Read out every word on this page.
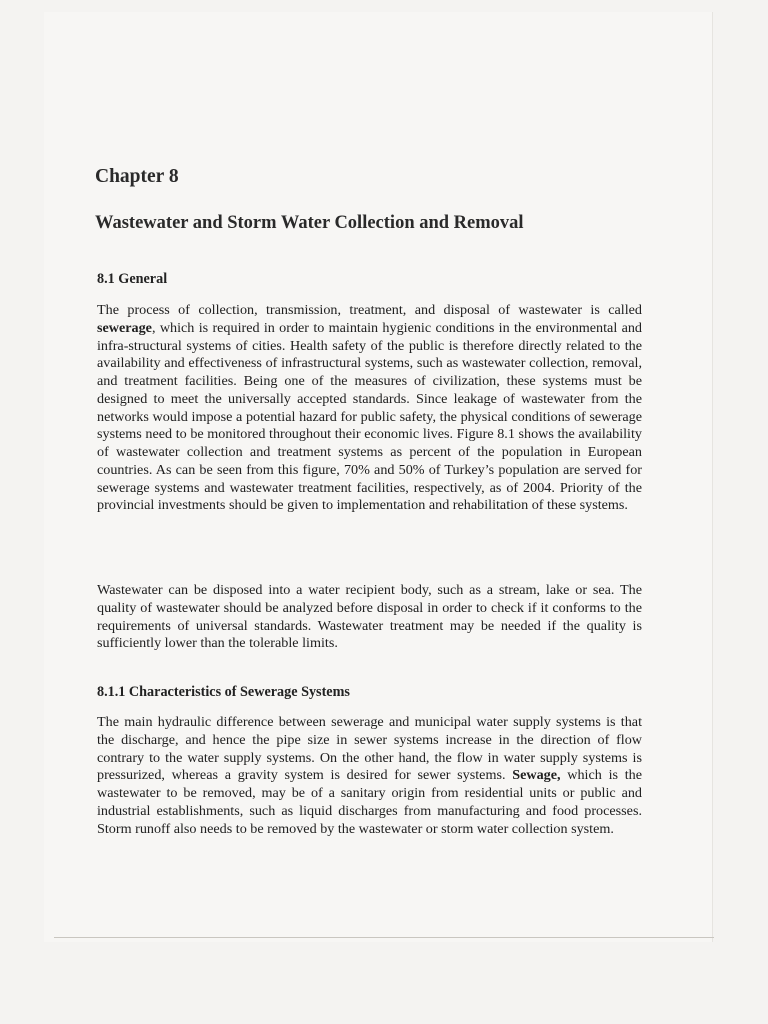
Chapter 8
Wastewater and Storm Water Collection and Removal
8.1 General

The process of collection, transmission, treatment, and disposal of wastewater is called sewerage, which is required in order to maintain hygienic conditions in the environmental and infra-structural systems of cities. Health safety of the public is therefore directly related to the availability and effectiveness of infrastructural systems, such as wastewater collection, removal, and treatment facilities. Being one of the measures of civilization, these systems must be designed to meet the universally accepted standards. Since leakage of wastewater from the networks would impose a potential hazard for public safety, the physical conditions of sewerage systems need to be monitored throughout their economic lives. Figure 8.1 shows the availability of wastewater collection and treatment systems as percent of the population in European countries. As can be seen from this figure, 70% and 50% of Turkey’s population are served for sewerage systems and wastewater treatment facilities, respectively, as of 2004. Priority of the provincial investments should be given to implementation and rehabilitation of these systems.

Wastewater can be disposed into a water recipient body, such as a stream, lake or sea. The quality of wastewater should be analyzed before disposal in order to check if it conforms to the requirements of universal standards. Wastewater treatment may be needed if the quality is sufficiently lower than the tolerable limits.

8.1.1 Characteristics of Sewerage Systems

The main hydraulic difference between sewerage and municipal water supply systems is that the discharge, and hence the pipe size in sewer systems increase in the direction of flow contrary to the water supply systems. On the other hand, the flow in water supply systems is pressurized, whereas a gravity system is desired for sewer systems. Sewage, which is the wastewater to be removed, may be of a sanitary origin from residential units or public and industrial establishments, such as liquid discharges from manufacturing and food processes. Storm runoff also needs to be removed by the wastewater or storm water collection system.
